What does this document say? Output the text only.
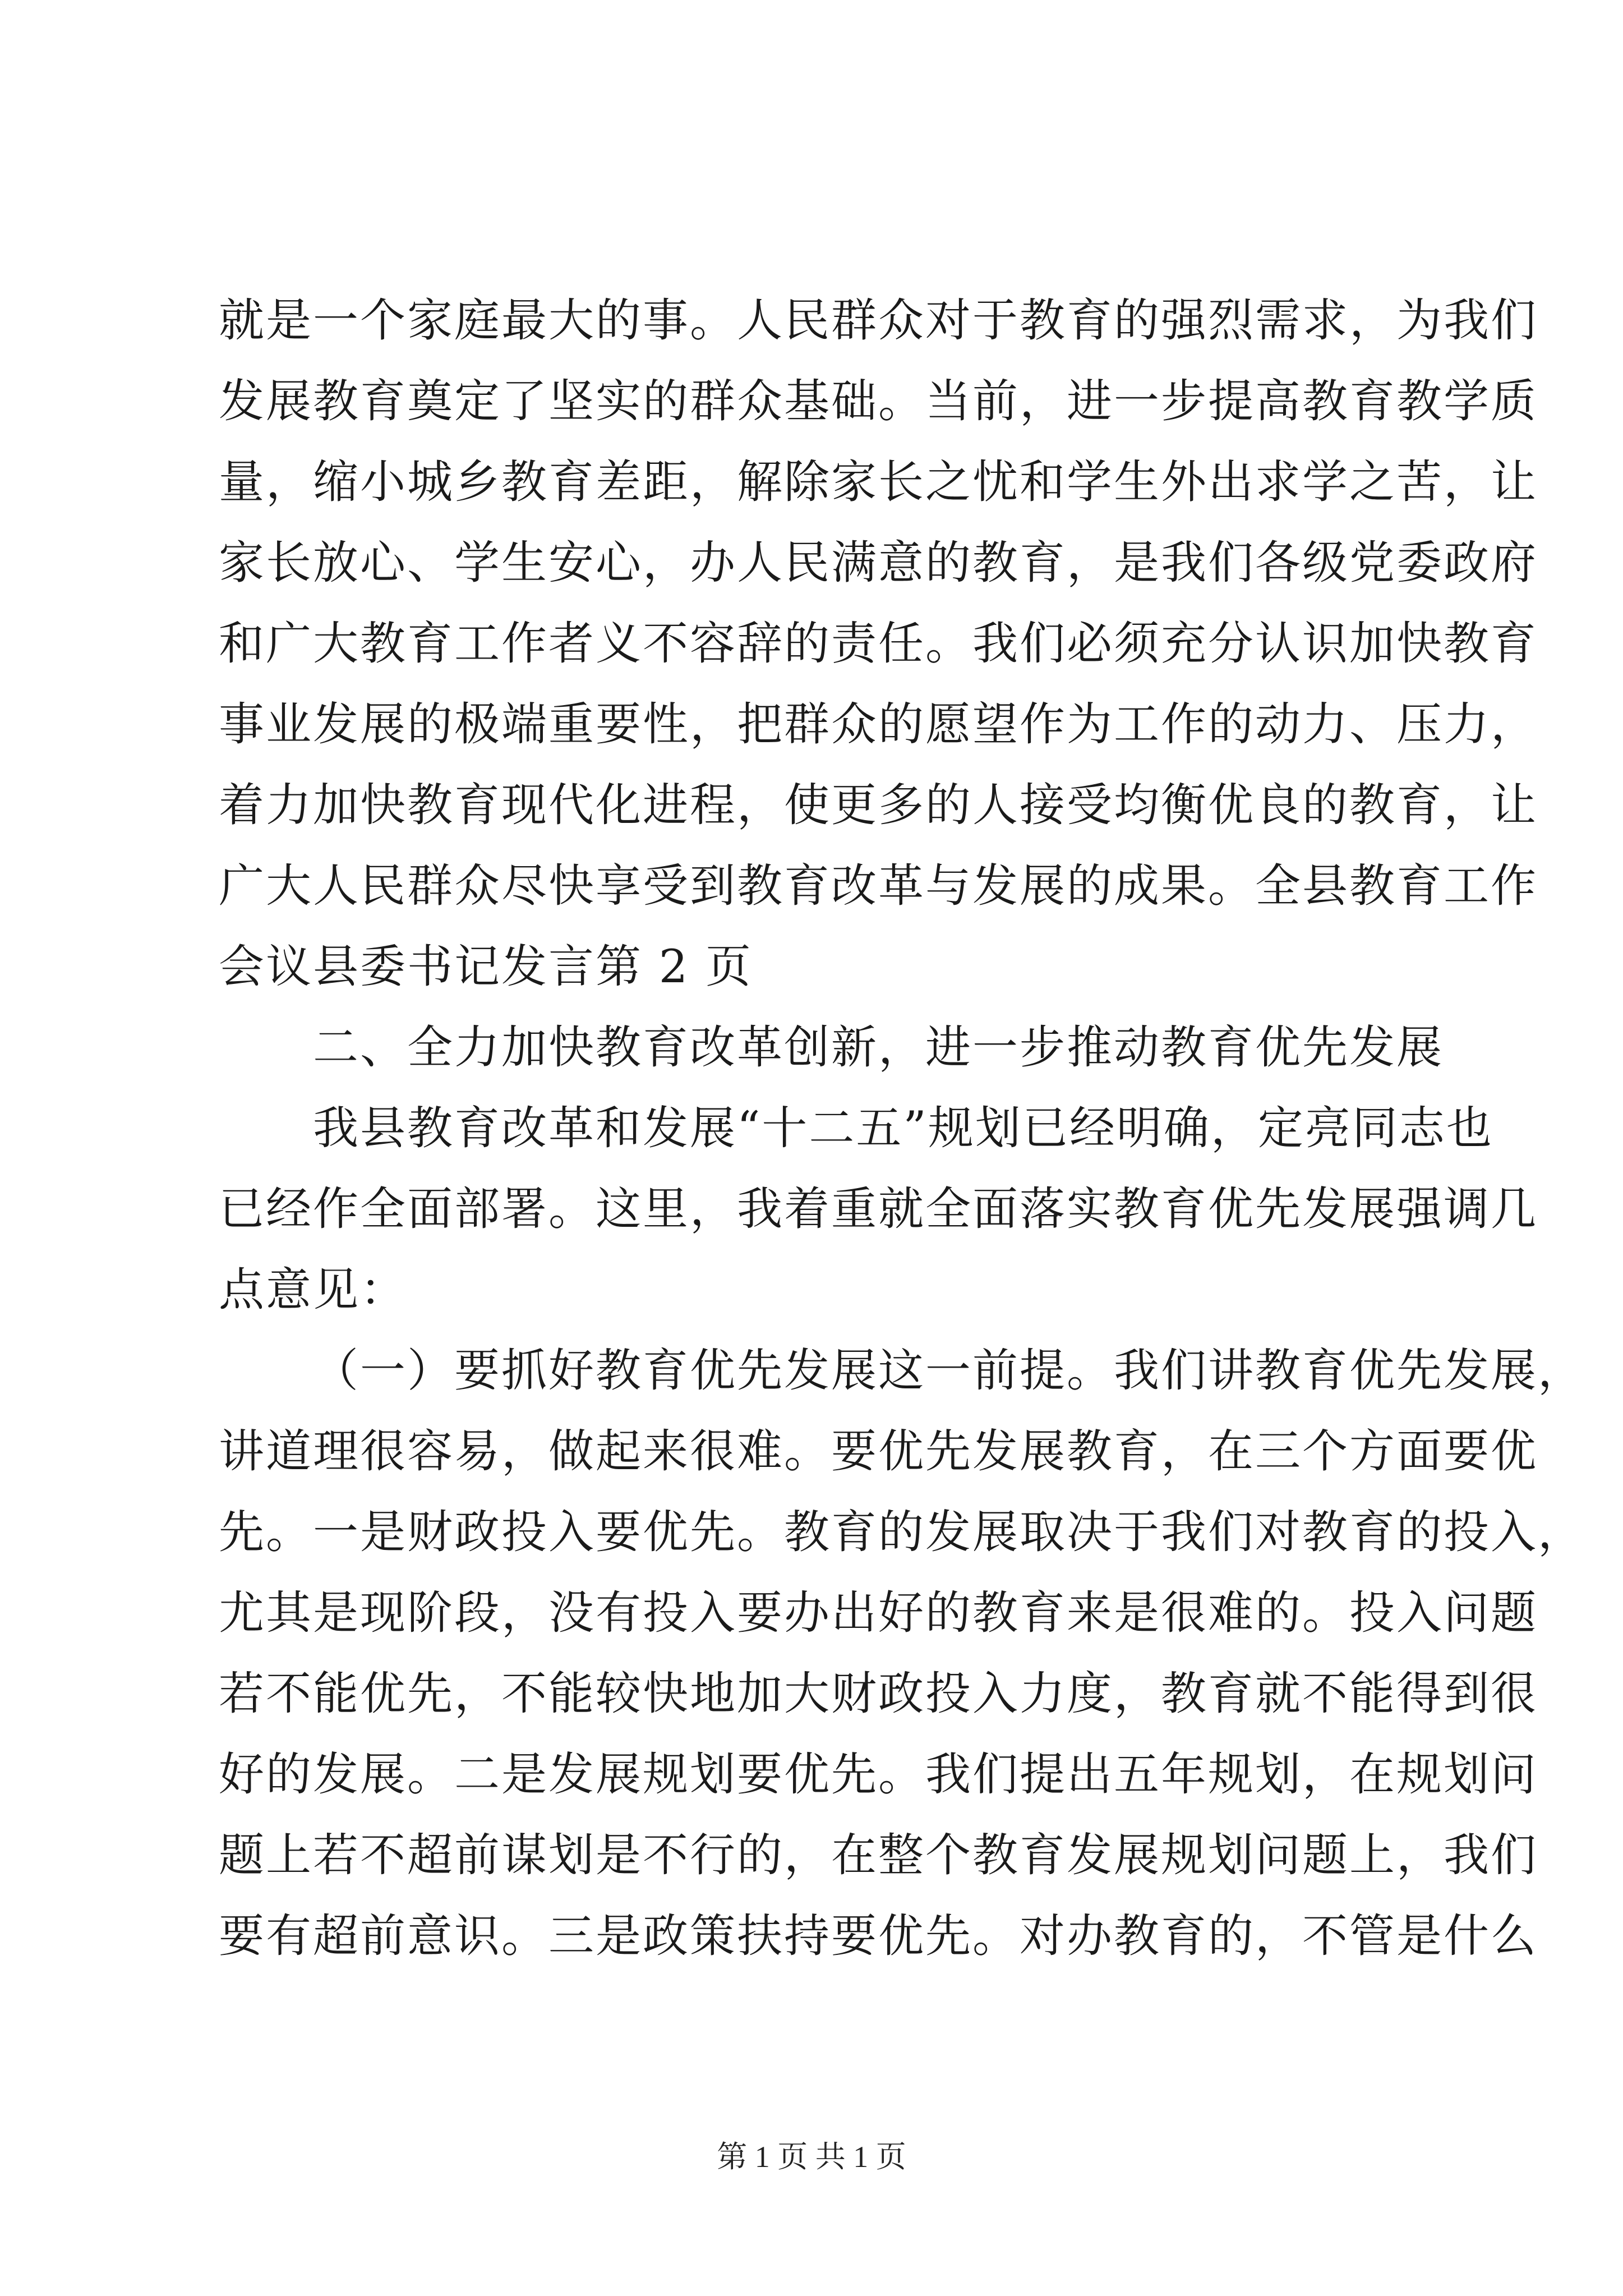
就是一个家庭最大的事。人民群众对于教育的强烈需求，为我们
发展教育奠定了坚实的群众基础。当前，进一步提高教育教学质
量，缩小城乡教育差距，解除家长之忧和学生外出求学之苦，让
家长放心、学生安心，办人民满意的教育，是我们各级党委政府
和广大教育工作者义不容辞的责任。我们必须充分认识加快教育
事业发展的极端重要性，把群众的愿望作为工作的动力、压力，
着力加快教育现代化进程，使更多的人接受均衡优良的教育，让
广大人民群众尽快享受到教育改革与发展的成果。全县教育工作
会议县委书记发言第 2 页
二、全力加快教育改革创新，进一步推动教育优先发展
我县教育改革和发展“十二五”规划已经明确，定亮同志也
已经作全面部署。这里，我着重就全面落实教育优先发展强调几
点意见：
（一）要抓好教育优先发展这一前提。我们讲教育优先发展，
讲道理很容易，做起来很难。要优先发展教育，在三个方面要优
先。一是财政投入要优先。教育的发展取决于我们对教育的投入，
尤其是现阶段，没有投入要办出好的教育来是很难的。投入问题
若不能优先，不能较快地加大财政投入力度，教育就不能得到很
好的发展。二是发展规划要优先。我们提出五年规划，在规划问
题上若不超前谋划是不行的，在整个教育发展规划问题上，我们
要有超前意识。三是政策扶持要优先。对办教育的，不管是什么
第 1 页 共 1 页
